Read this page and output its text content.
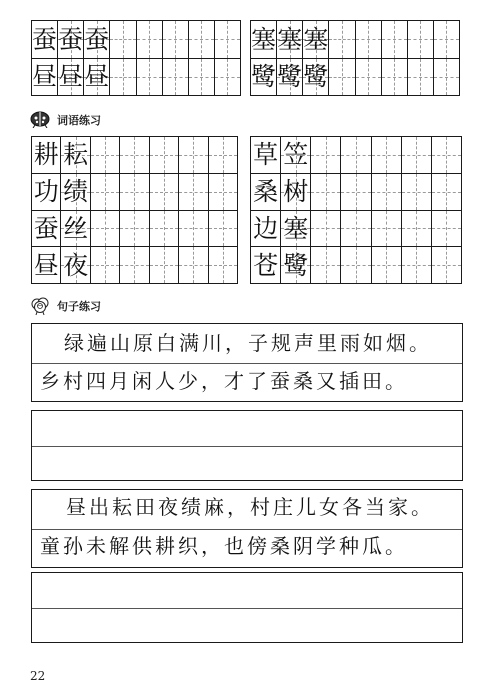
蚕 蚕 蚕
昼 昼 昼
塞 塞 塞
鹭 鹭 鹭
词语练习
耕 耘
功 绩
蚕 丝
昼 夜
草 笠
桑 树
边 塞
苍 鹭
句子练习
绿遍山原白满川，子规声里雨如烟。
乡村四月闲人少，才了蚕桑又插田。
昼出耘田夜绩麻，村庄儿女各当家。
童孙未解供耕织，也傍桑阴学种瓜。
22
